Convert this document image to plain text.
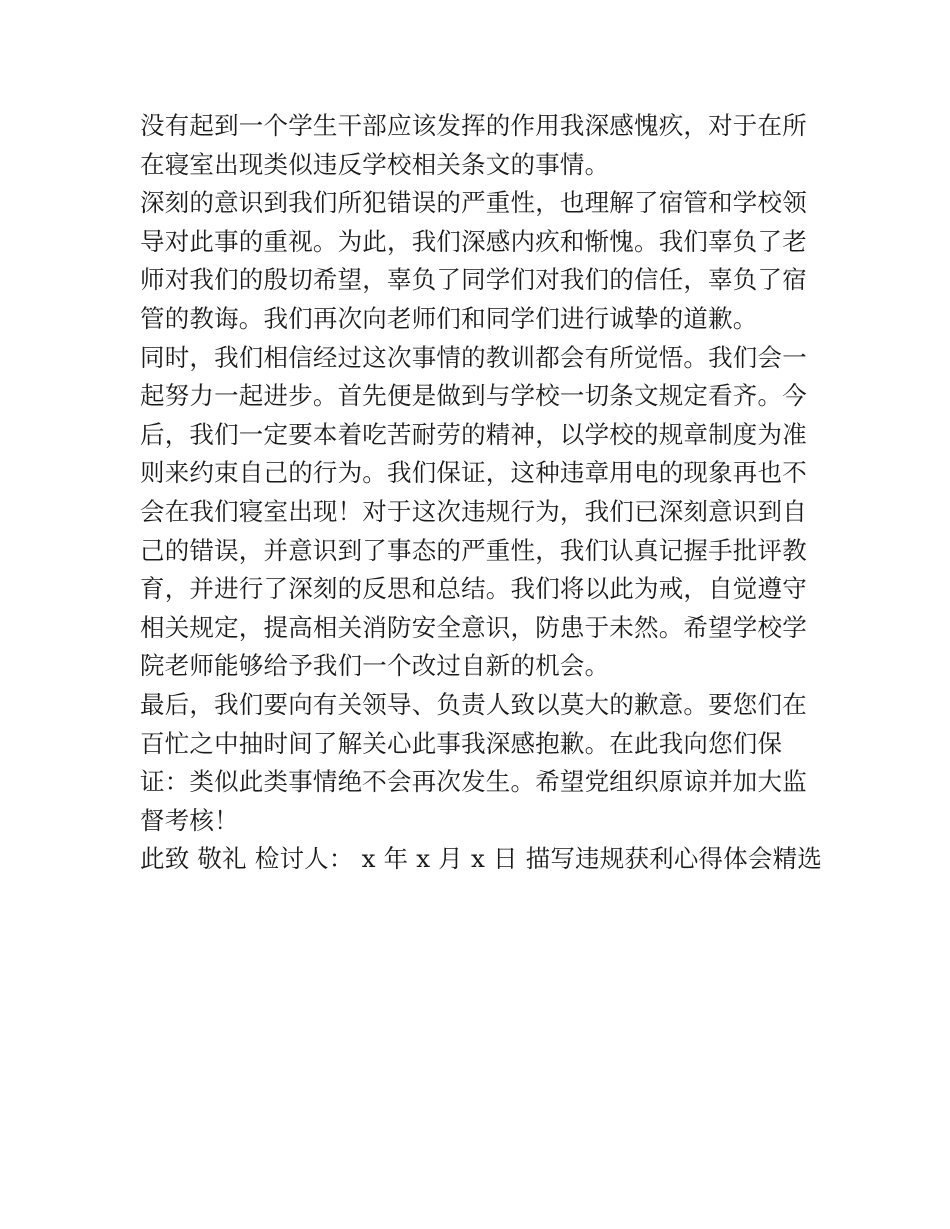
没有起到一个学生干部应该发挥的作用我深感愧疚，对于在所

在寝室出现类似违反学校相关条文的事情。

深刻的意识到我们所犯错误的严重性，也理解了宿管和学校领

导对此事的重视。为此，我们深感内疚和惭愧。我们辜负了老

师对我们的殷切希望，辜负了同学们对我们的信任，辜负了宿

管的教诲。我们再次向老师们和同学们进行诚挚的道歉。

同时，我们相信经过这次事情的教训都会有所觉悟。我们会一

起努力一起进步。首先便是做到与学校一切条文规定看齐。今

后，我们一定要本着吃苦耐劳的精神，以学校的规章制度为准

则来约束自己的行为。我们保证，这种违章用电的现象再也不

会在我们寝室出现！对于这次违规行为，我们已深刻意识到自

己的错误，并意识到了事态的严重性，我们认真记握手批评教

育，并进行了深刻的反思和总结。我们将以此为戒，自觉遵守

相关规定，提高相关消防安全意识，防患于未然。希望学校学

院老师能够给予我们一个改过自新的机会。

最后，我们要向有关领导、负责人致以莫大的歉意。要您们在

百忙之中抽时间了解关心此事我深感抱歉。在此我向您们保

证：类似此类事情绝不会再次发生。希望党组织原谅并加大监

督考核！

此致 敬礼 检讨人： x 年 x 月 x 日 描写违规获利心得体会精选
